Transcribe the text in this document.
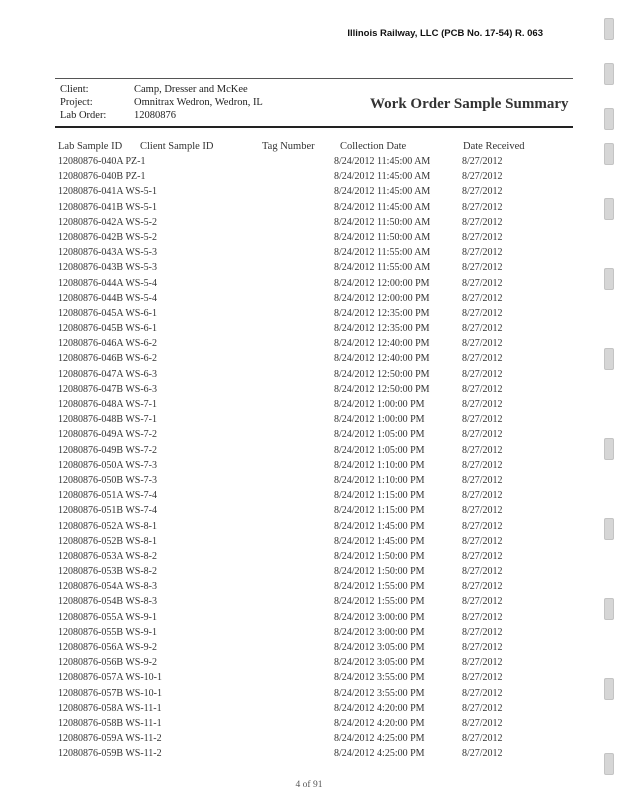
Illinois Railway, LLC (PCB No. 17-54) R. 063
Client:	Camp, Dresser and McKee
Project:	Omnitrax Wedron, Wedron, IL
Lab Order:	12080876
Work Order Sample Summary
Lab Sample ID Client Sample ID	Tag Number Collection Date	Date Received
12080876-040A PZ-1	8/24/2012 11:45:00 AM	8/27/2012
12080876-040B PZ-1	8/24/2012 11:45:00 AM	8/27/2012
12080876-041A WS-5-1	8/24/2012 11:45:00 AM	8/27/2012
12080876-041B WS-5-1	8/24/2012 11:45:00 AM	8/27/2012
12080876-042A WS-5-2	8/24/2012 11:50:00 AM	8/27/2012
12080876-042B WS-5-2	8/24/2012 11:50:00 AM	8/27/2012
12080876-043A WS-5-3	8/24/2012 11:55:00 AM	8/27/2012
12080876-043B WS-5-3	8/24/2012 11:55:00 AM	8/27/2012
12080876-044A WS-5-4	8/24/2012 12:00:00 PM	8/27/2012
12080876-044B WS-5-4	8/24/2012 12:00:00 PM	8/27/2012
12080876-045A WS-6-1	8/24/2012 12:35:00 PM	8/27/2012
12080876-045B WS-6-1	8/24/2012 12:35:00 PM	8/27/2012
12080876-046A WS-6-2	8/24/2012 12:40:00 PM	8/27/2012
12080876-046B WS-6-2	8/24/2012 12:40:00 PM	8/27/2012
12080876-047A WS-6-3	8/24/2012 12:50:00 PM	8/27/2012
12080876-047B WS-6-3	8/24/2012 12:50:00 PM	8/27/2012
12080876-048A WS-7-1	8/24/2012 1:00:00 PM	8/27/2012
12080876-048B WS-7-1	8/24/2012 1:00:00 PM	8/27/2012
12080876-049A WS-7-2	8/24/2012 1:05:00 PM	8/27/2012
12080876-049B WS-7-2	8/24/2012 1:05:00 PM	8/27/2012
12080876-050A WS-7-3	8/24/2012 1:10:00 PM	8/27/2012
12080876-050B WS-7-3	8/24/2012 1:10:00 PM	8/27/2012
12080876-051A WS-7-4	8/24/2012 1:15:00 PM	8/27/2012
12080876-051B WS-7-4	8/24/2012 1:15:00 PM	8/27/2012
12080876-052A WS-8-1	8/24/2012 1:45:00 PM	8/27/2012
12080876-052B WS-8-1	8/24/2012 1:45:00 PM	8/27/2012
12080876-053A WS-8-2	8/24/2012 1:50:00 PM	8/27/2012
12080876-053B WS-8-2	8/24/2012 1:50:00 PM	8/27/2012
12080876-054A WS-8-3	8/24/2012 1:55:00 PM	8/27/2012
12080876-054B WS-8-3	8/24/2012 1:55:00 PM	8/27/2012
12080876-055A WS-9-1	8/24/2012 3:00:00 PM	8/27/2012
12080876-055B WS-9-1	8/24/2012 3:00:00 PM	8/27/2012
12080876-056A WS-9-2	8/24/2012 3:05:00 PM	8/27/2012
12080876-056B WS-9-2	8/24/2012 3:05:00 PM	8/27/2012
12080876-057A WS-10-1	8/24/2012 3:55:00 PM	8/27/2012
12080876-057B WS-10-1	8/24/2012 3:55:00 PM	8/27/2012
12080876-058A WS-11-1	8/24/2012 4:20:00 PM	8/27/2012
12080876-058B WS-11-1	8/24/2012 4:20:00 PM	8/27/2012
12080876-059A WS-11-2	8/24/2012 4:25:00 PM	8/27/2012
12080876-059B WS-11-2	8/24/2012 4:25:00 PM	8/27/2012
4 of 91
